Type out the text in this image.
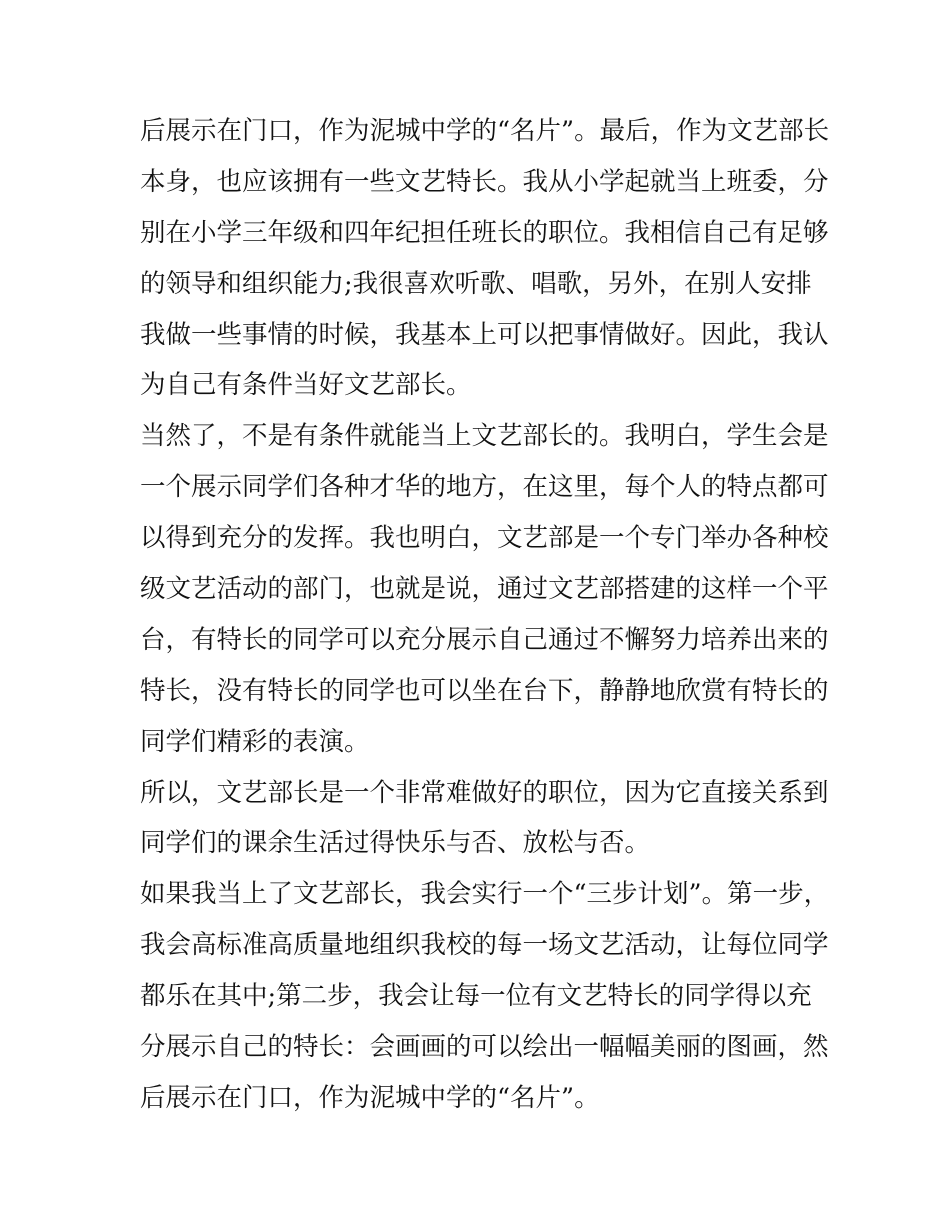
后展示在门口，作为泥城中学的“名片”。最后，作为文艺部长
本身，也应该拥有一些文艺特长。我从小学起就当上班委，分
别在小学三年级和四年纪担任班长的职位。我相信自己有足够
的领导和组织能力;我很喜欢听歌、唱歌，另外，在别人安排
我做一些事情的时候，我基本上可以把事情做好。因此，我认
为自己有条件当好文艺部长。
当然了，不是有条件就能当上文艺部长的。我明白，学生会是
一个展示同学们各种才华的地方，在这里，每个人的特点都可
以得到充分的发挥。我也明白，文艺部是一个专门举办各种校
级文艺活动的部门，也就是说，通过文艺部搭建的这样一个平
台，有特长的同学可以充分展示自己通过不懈努力培养出来的
特长，没有特长的同学也可以坐在台下，静静地欣赏有特长的
同学们精彩的表演。
所以，文艺部长是一个非常难做好的职位，因为它直接关系到
同学们的课余生活过得快乐与否、放松与否。
如果我当上了文艺部长，我会实行一个“三步计划”。第一步，
我会高标准高质量地组织我校的每一场文艺活动，让每位同学
都乐在其中;第二步，我会让每一位有文艺特长的同学得以充
分展示自己的特长：会画画的可以绘出一幅幅美丽的图画，然
后展示在门口，作为泥城中学的“名片”。
